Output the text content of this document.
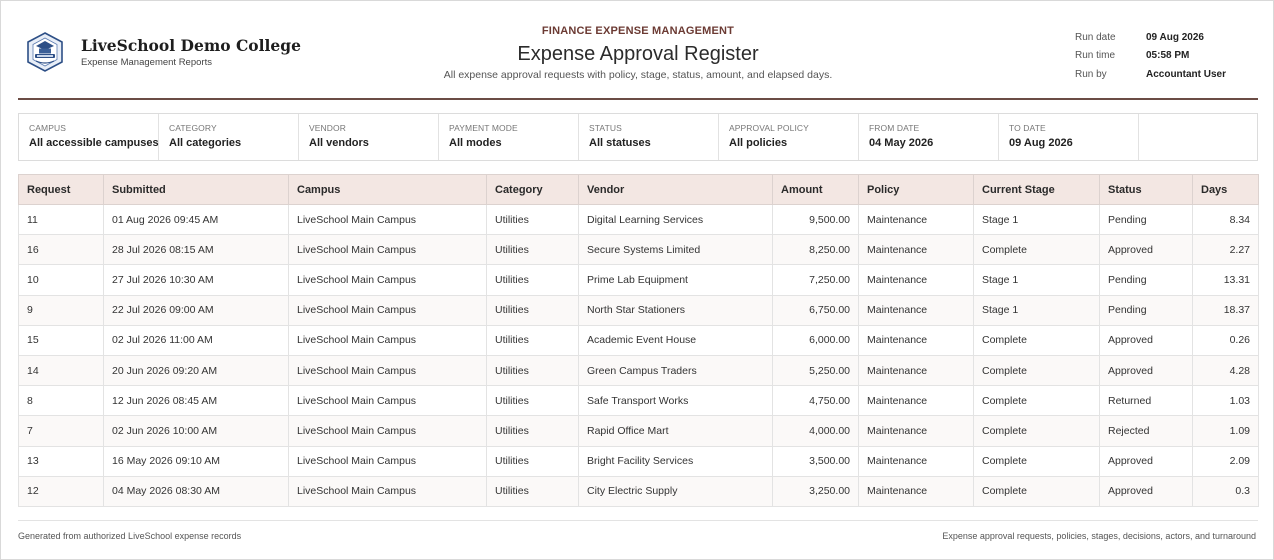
LiveSchool Demo College
Expense Management Reports
FINANCE EXPENSE MANAGEMENT
Expense Approval Register
All expense approval requests with policy, stage, status, amount, and elapsed days.
Run date	09 Aug 2026
Run time	05:58 PM
Run by	Accountant User
CAMPUS
All accessible campuses
CATEGORY
All categories
VENDOR
All vendors
PAYMENT MODE
All modes
STATUS
All statuses
APPROVAL POLICY
All policies
FROM DATE
04 May 2026
TO DATE
09 Aug 2026
Request	Submitted	Campus	Category	Vendor	Amount	Policy	Current Stage	Status	Days
11	01 Aug 2026 09:45 AM	LiveSchool Main Campus	Utilities	Digital Learning Services	9,500.00	Maintenance	Stage 1	Pending	8.34
16	28 Jul 2026 08:15 AM	LiveSchool Main Campus	Utilities	Secure Systems Limited	8,250.00	Maintenance	Complete	Approved	2.27
10	27 Jul 2026 10:30 AM	LiveSchool Main Campus	Utilities	Prime Lab Equipment	7,250.00	Maintenance	Stage 1	Pending	13.31
9	22 Jul 2026 09:00 AM	LiveSchool Main Campus	Utilities	North Star Stationers	6,750.00	Maintenance	Stage 1	Pending	18.37
15	02 Jul 2026 11:00 AM	LiveSchool Main Campus	Utilities	Academic Event House	6,000.00	Maintenance	Complete	Approved	0.26
14	20 Jun 2026 09:20 AM	LiveSchool Main Campus	Utilities	Green Campus Traders	5,250.00	Maintenance	Complete	Approved	4.28
8	12 Jun 2026 08:45 AM	LiveSchool Main Campus	Utilities	Safe Transport Works	4,750.00	Maintenance	Complete	Returned	1.03
7	02 Jun 2026 10:00 AM	LiveSchool Main Campus	Utilities	Rapid Office Mart	4,000.00	Maintenance	Complete	Rejected	1.09
13	16 May 2026 09:10 AM	LiveSchool Main Campus	Utilities	Bright Facility Services	3,500.00	Maintenance	Complete	Approved	2.09
12	04 May 2026 08:30 AM	LiveSchool Main Campus	Utilities	City Electric Supply	3,250.00	Maintenance	Complete	Approved	0.3
Generated from authorized LiveSchool expense records	Expense approval requests, policies, stages, decisions, actors, and turnaround
